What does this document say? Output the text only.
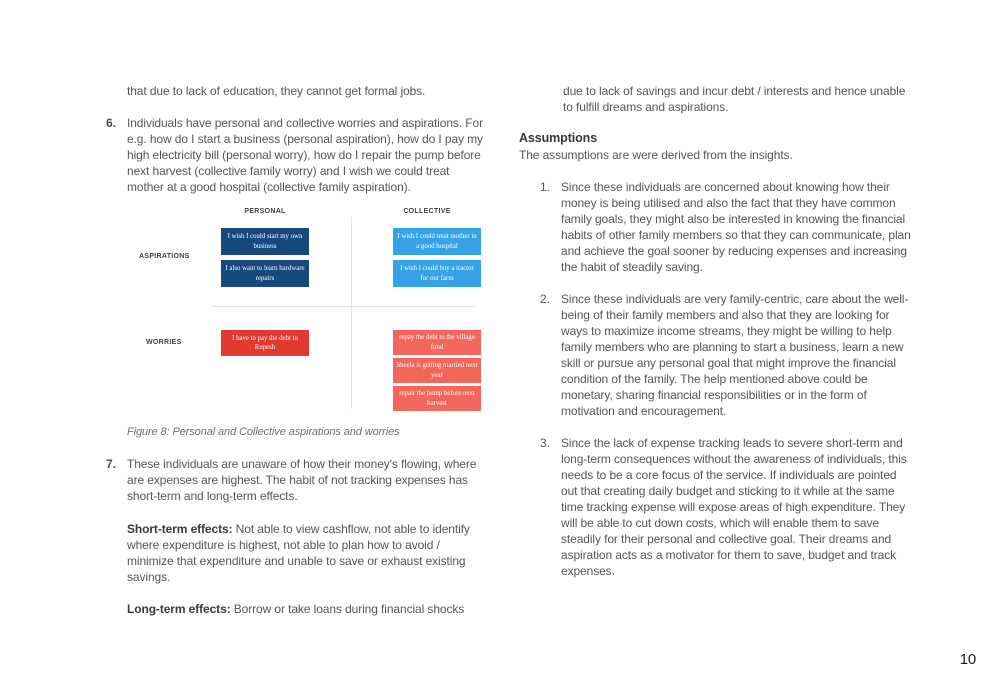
that due to lack of education, they cannot get formal jobs.
6. Individuals have personal and collective worries and aspirations. For e.g. how do I start a business (personal aspiration), how do I pay my high electricity bill (personal worry), how do I repair the pump before next harvest (collective family worry) and I wish we could treat mother at a good hospital (collective family aspiration).
PERSONAL	COLLECTIVE
ASPIRATIONS
WORRIES
I wish I could start my own business
I also want to learn hardware repairs
I wish I could treat mother in a good hospital
I wish I could buy a tractor for our farm
I have to pay the debt to Rupesh
repay the debt to the village fund
Sheela is getting married next year
repair the pump before next harvest
Figure 8: Personal and Collective aspirations and worries
7. These individuals are unaware of how their money's flowing, where are expenses are highest. The habit of not tracking expenses has short-term and long-term effects.
Short-term effects: Not able to view cashflow, not able to identify where expenditure is highest, not able to plan how to avoid / minimize that expenditure and unable to save or exhaust existing savings.
Long-term effects: Borrow or take loans during financial shocks
due to lack of savings and incur debt / interests and hence unable to fulfill dreams and aspirations.
Assumptions
The assumptions are were derived from the insights.
1. Since these individuals are concerned about knowing how their money is being utilised and also the fact that they have common family goals, they might also be interested in knowing the financial habits of other family members so that they can communicate, plan and achieve the goal sooner by reducing expenses and increasing the habit of steadily saving.
2. Since these individuals are very family-centric, care about the well-being of their family members and also that they are looking for ways to maximize income streams, they might be willing to help family members who are planning to start a business, learn a new skill or pursue any personal goal that might improve the financial condition of the family. The help mentioned above could be monetary, sharing financial responsibilities or in the form of motivation and encouragement.
3. Since the lack of expense tracking leads to severe short-term and long-term consequences without the awareness of individuals, this needs to be a core focus of the service. If individuals are pointed out that creating daily budget and sticking to it while at the same time tracking expense will expose areas of high expenditure. They will be able to cut down costs, which will enable them to save steadily for their personal and collective goal. Their dreams and aspiration acts as a motivator for them to save, budget and track expenses.
10
